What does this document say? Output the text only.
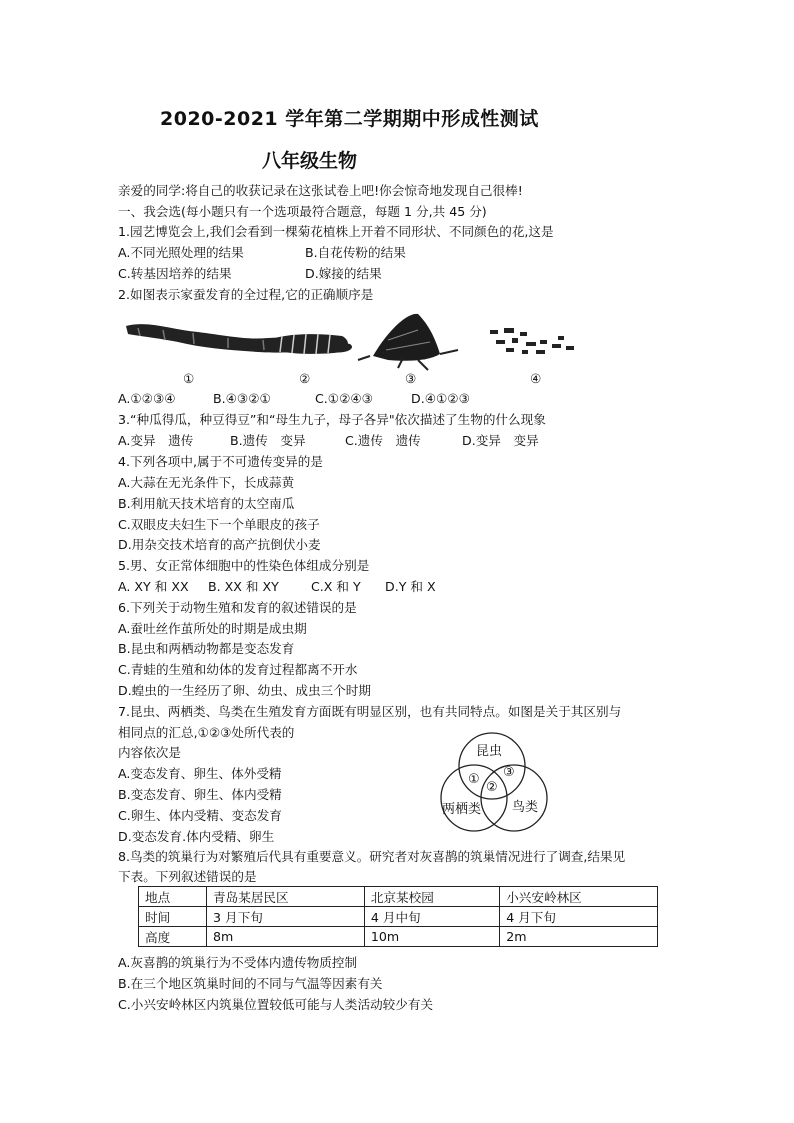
2020-2021 学年第二学期期中形成性测试
八年级生物
亲爱的同学:将自己的收获记录在这张试卷上吧!你会惊奇地发现自己很棒!
一、我会选(每小题只有一个选项最符合题意，每题 1 分,共 45 分)
1.园艺博览会上,我们会看到一棵菊花植株上开着不同形状、不同颜色的花,这是
A.不同光照处理的结果	B.自花传粉的结果
C.转基因培养的结果	D.嫁接的结果
2.如图表示家蚕发育的全过程,它的正确顺序是
①	②	③	④
A.①②③④	B.④③②①	C.①②④③	D.④①②③
3.“种瓜得瓜，种豆得豆”和“母生九子，母子各异"依次描述了生物的什么现象
A.变异　遗传	B.遗传　变异	C.遗传　遗传	D.变异　变异
4.下列各项中,属于不可遗传变异的是
A.大蒜在无光条件下，长成蒜黄
B.利用航天技术培育的太空南瓜
C.双眼皮夫妇生下一个单眼皮的孩子
D.用杂交技术培育的高产抗倒伏小麦
5.男、女正常体细胞中的性染色体组成分别是
A. XY 和 XX B. XX 和 XY	C.X 和 Y D.Y 和 X
6.下列关于动物生殖和发育的叙述错误的是
A.蚕吐丝作茧所处的时期是成虫期
B.昆虫和两栖动物都是变态发育
C.青蛙的生殖和幼体的发育过程都离不开水
D.蝗虫的一生经历了卵、幼虫、成虫三个时期
7.昆虫、两栖类、鸟类在生殖发育方面既有明显区别，也有共同特点。如图是关于其区别与
相同点的汇总,①②③处所代表的
内容依次是
A.变态发育、卵生、体外受精
B.变态发育、卵生、体内受精
C.卵生、体内受精、变态发育
D.变态发育.体内受精、卵生
昆虫
两栖类 鸟类
①
②
③
8.鸟类的筑巢行为对繁殖后代具有重要意义。研究者对灰喜鹊的筑巢情况进行了调查,结果见
下表。下列叙述错误的是
地点	青岛某居民区	北京某校园	小兴安岭林区
时间	3 月下旬	4 月中旬	4 月下旬
高度	8m	10m	2m
A.灰喜鹊的筑巢行为不受体内遗传物质控制
B.在三个地区筑巢时间的不同与气温等因素有关
C.小兴安岭林区内筑巢位置较低可能与人类活动较少有关
